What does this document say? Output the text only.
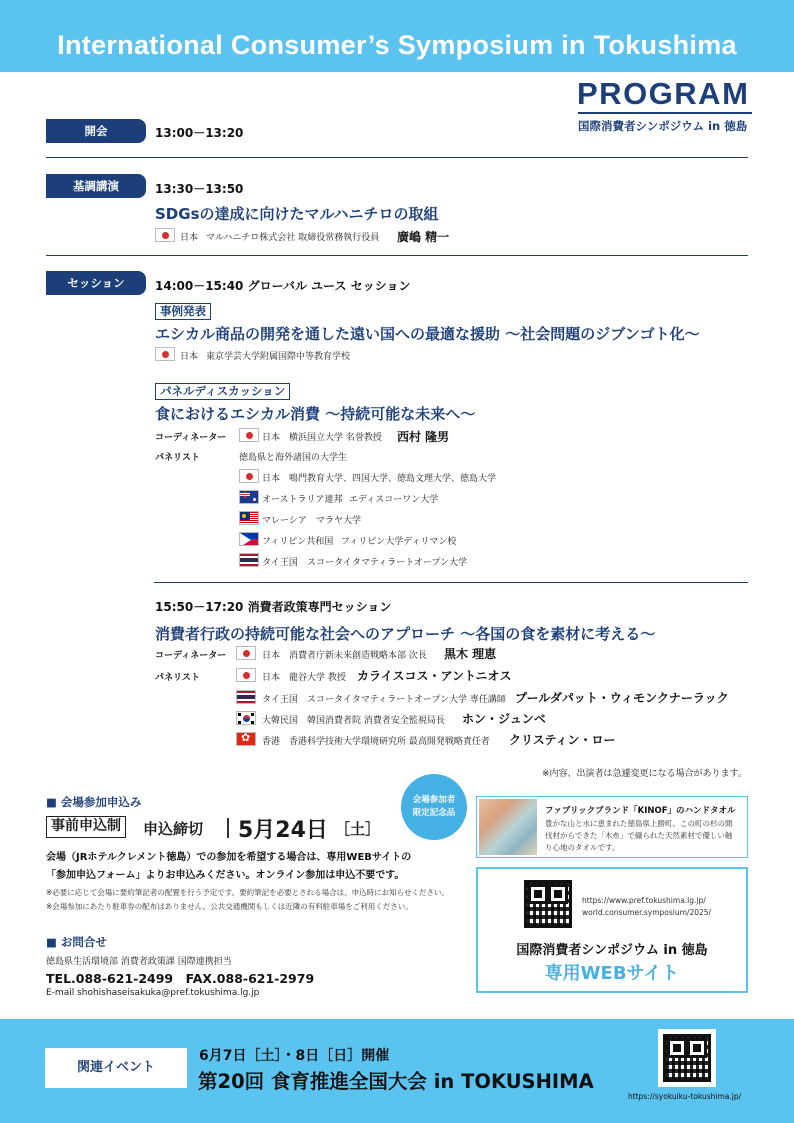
International Consumer’s Symposium in Tokushima
PROGRAM
国際消費者シンポジウム in 徳島
開会	13:00－13:20
基調講演	13:30－13:50
SDGsの達成に向けたマルハニチロの取組
日本 マルハニチロ株式会社 取締役常務執行役員 廣嶋 精一
セッション	14:00－15:40 グローバル ユース セッション
事例発表
エシカル商品の開発を通した遠い国への最適な援助 ～社会問題のジブンゴト化～
日本 東京学芸大学附属国際中等教育学校
パネルディスカッション
食におけるエシカル消費 ～持続可能な未来へ～
コーディネーター	日本 横浜国立大学 名誉教授 西村 隆男
パネリスト	徳島県と海外諸国の大学生
日本 鳴門教育大学、四国大学、徳島文理大学、徳島大学
オーストラリア連邦 エディスコーワン大学
マレーシア マラヤ大学
フィリピン共和国 フィリピン大学ディリマン校
タイ王国 スコータイタマティラートオープン大学
15:50－17:20 消費者政策専門セッション
消費者行政の持続可能な社会へのアプローチ ～各国の食を素材に考える～
コーディネーター	日本 消費者庁新未来創造戦略本部 次長 黒木 理恵
パネリスト	日本 龍谷大学 教授 カライスコス・アントニオス
タイ王国 スコータイタマティラートオープン大学 専任講師 プールダパット・ウィモンクナーラック
大韓民国 韓国消費者院 消費者安全監視局長 ホン・ジュンベ
✿
香港 香港科学技術大学環境研究所 最高開発戦略責任者 クリスティン・ロー
※内容、出演者は急遽変更になる場合があります。
■ 会場参加申込み
事前申込制	申込締切 5月24日 ［土］
会場（JRホテルクレメント徳島）での参加を希望する場合は、専用WEBサイトの
「参加申込フォーム」よりお申込みください。オンライン参加は申込不要です。
※必要に応じて会場に要約筆記者の配置を行う予定です。要約筆記を必要とされる場合は、申込時にお知らせください。
※会場参加にあたり駐車券の配布はありません。公共交通機関もしくは近隣の有料駐車場をご利用ください。
■ お問合せ
徳島県生活環境部 消費者政策課 国際連携担当
TEL.088-621-2499　FAX.088-621-2979
E-mail shohishaseisakuka@pref.tokushima.lg.jp
会場参加者
限定記念品	ファブリックブランド「KINOF」のハンドタオル
豊かな山と水に恵まれた徳島県上勝町。この町の杉の間
伐材からできた「木糸」で織られた天然素材で優しい触
り心地のタオルです。
https://www.pref.tokushima.lg.jp/
world.consumer.symposium/2025/
国際消費者シンポジウム in 徳島
専用WEBサイト
関連イベント
6月7日［土］・8日［日］開催
第20回 食育推進全国大会 in TOKUSHIMA
https://syokuiku-tokushima.jp/
